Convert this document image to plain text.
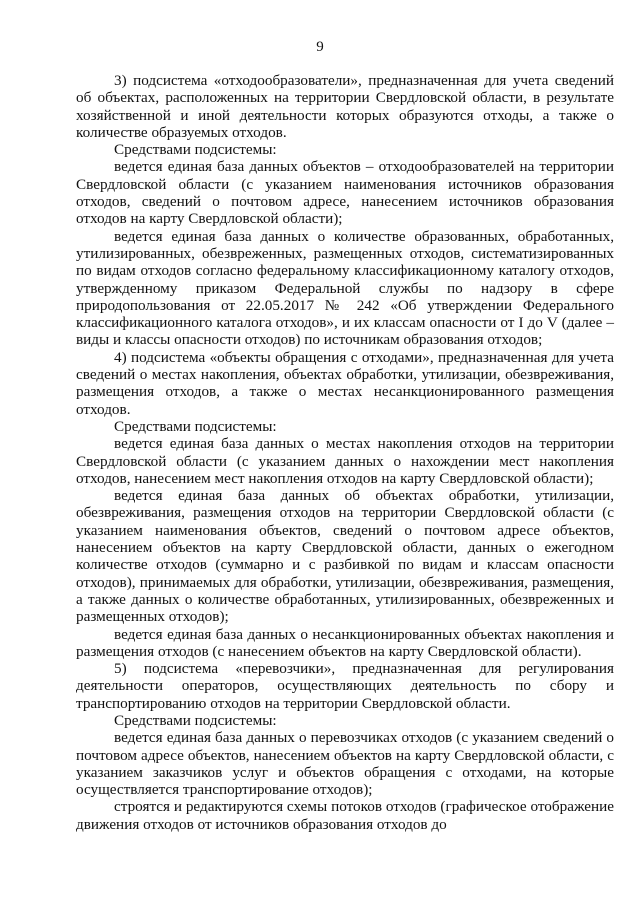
9

3) подсистема «отходообразователи», предназначенная для учета сведений об объектах, расположенных на территории Свердловской области, в результате хозяйственной и иной деятельности которых образуются отходы, а также о количестве образуемых отходов.

Средствами подсистемы:

ведется единая база данных объектов – отходообразователей на территории Свердловской области (с указанием наименования источников образования отходов, сведений о почтовом адресе, нанесением источников образования отходов на карту Свердловской области);

ведется единая база данных о количестве образованных, обработанных, утилизированных, обезвреженных, размещенных отходов, систематизированных по видам отходов согласно федеральному классификационному каталогу отходов, утвержденному приказом Федеральной службы по надзору в сфере природопользования от 22.05.2017 № 242 «Об утверждении Федерального классификационного каталога отходов», и их классам опасности от I до V (далее – виды и классы опасности отходов) по источникам образования отходов;

4) подсистема «объекты обращения с отходами», предназначенная для учета сведений о местах накопления, объектах обработки, утилизации, обезвреживания, размещения отходов, а также о местах несанкционированного размещения отходов.

Средствами подсистемы:

ведется единая база данных о местах накопления отходов на территории Свердловской области (с указанием данных о нахождении мест накопления отходов, нанесением мест накопления отходов на карту Свердловской области);

ведется единая база данных об объектах обработки, утилизации, обезвреживания, размещения отходов на территории Свердловской области (с указанием наименования объектов, сведений о почтовом адресе объектов, нанесением объектов на карту Свердловской области, данных о ежегодном количестве отходов (суммарно и с разбивкой по видам и классам опасности отходов), принимаемых для обработки, утилизации, обезвреживания, размещения, а также данных о количестве обработанных, утилизированных, обезвреженных и размещенных отходов);

ведется единая база данных о несанкционированных объектах накопления и размещения отходов (с нанесением объектов на карту Свердловской области).

5) подсистема «перевозчики», предназначенная для регулирования деятельности операторов, осуществляющих деятельность по сбору и транспортированию отходов на территории Свердловской области.

Средствами подсистемы:

ведется единая база данных о перевозчиках отходов (с указанием сведений о почтовом адресе объектов, нанесением объектов на карту Свердловской области, с указанием заказчиков услуг и объектов обращения с отходами, на которые осуществляется транспортирование отходов);

строятся и редактируются схемы потоков отходов (графическое отображение движения отходов от источников образования отходов до
